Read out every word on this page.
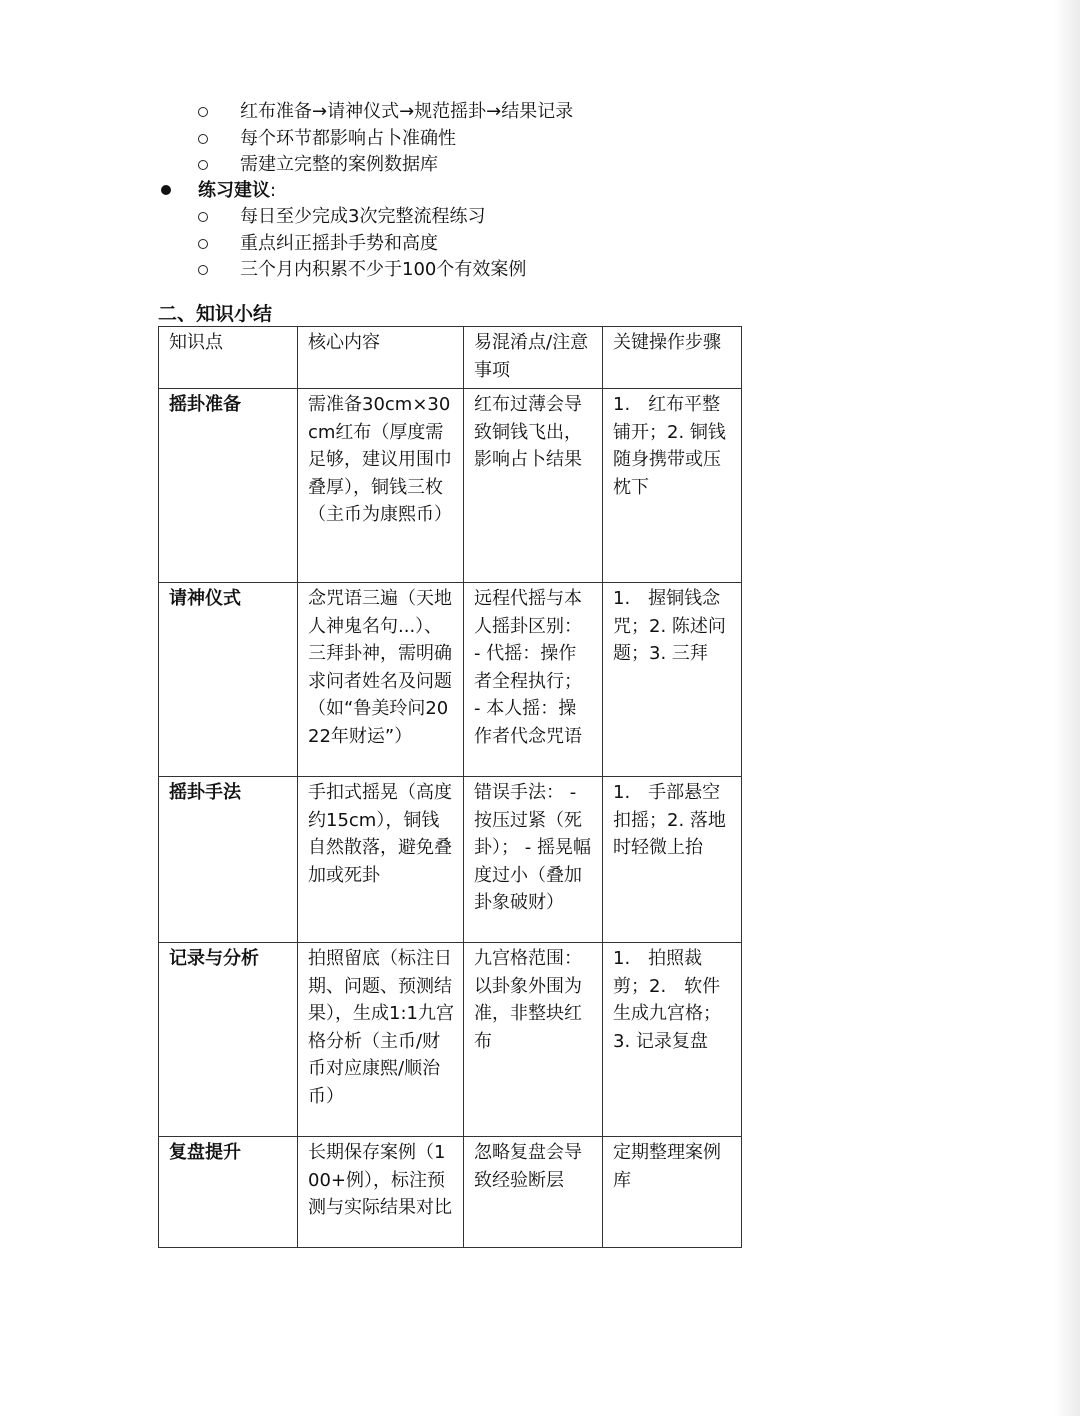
红布准备→请神仪式→规范摇卦→结果记录
每个环节都影响占卜准确性
需建立完整的案例数据库
练习建议:
每日至少完成3次完整流程练习
重点纠正摇卦手势和高度
三个月内积累不少于100个有效案例
二、知识小结
知识点	核心内容	易混淆点/注意事项	关键操作步骤
摇卦准备	需准备30cm×30cm红布（厚度需足够，建议用围巾叠厚），铜钱三枚（主币为康熙币）	红布过薄会导致铜钱飞出，影响占卜结果	1.　红布平整铺开；2. 铜钱随身携带或压枕下
请神仪式	念咒语三遍（天地人神鬼名句...）、三拜卦神，需明确求问者姓名及问题（如“鲁美玲问2022年财运”）	远程代摇与本人摇卦区别： - 代摇：操作者全程执行； - 本人摇：操作者代念咒语	1.　握铜钱念咒；2. 陈述问题；3. 三拜
摇卦手法	手扣式摇晃（高度约15cm），铜钱自然散落，避免叠加或死卦	错误手法： - 按压过紧（死卦）； - 摇晃幅度过小（叠加卦象破财）	1.　手部悬空扣摇；2. 落地时轻微上抬
记录与分析	拍照留底（标注日期、问题、预测结果），生成1:1九宫格分析（主币/财币对应康熙/顺治币）	九宫格范围：以卦象外围为准，非整块红布	1.　拍照裁剪；2.　软件生成九宫格；3. 记录复盘
复盘提升	长期保存案例（100+例），标注预测与实际结果对比	忽略复盘会导致经验断层	定期整理案例库
